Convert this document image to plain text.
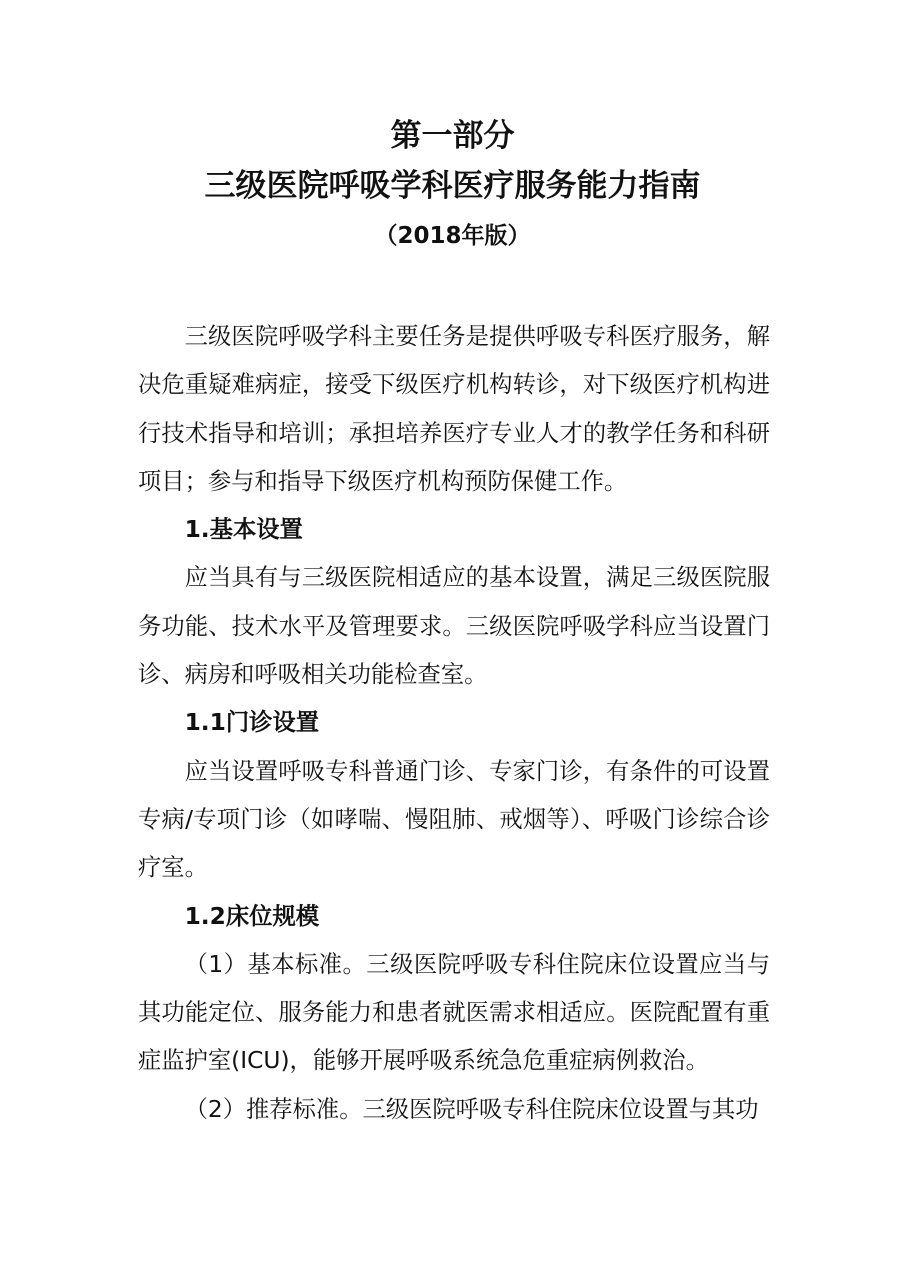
第一部分
三级医院呼吸学科医疗服务能力指南
（2018年版）

三级医院呼吸学科主要任务是提供呼吸专科医疗服务，解决危重疑难病症，接受下级医疗机构转诊，对下级医疗机构进行技术指导和培训；承担培养医疗专业人才的教学任务和科研项目；参与和指导下级医疗机构预防保健工作。

1.基本设置

应当具有与三级医院相适应的基本设置，满足三级医院服务功能、技术水平及管理要求。三级医院呼吸学科应当设置门诊、病房和呼吸相关功能检查室。

1.1门诊设置

应当设置呼吸专科普通门诊、专家门诊，有条件的可设置专病/专项门诊（如哮喘、慢阻肺、戒烟等）、呼吸门诊综合诊疗室。

1.2床位规模

（1）基本标准。三级医院呼吸专科住院床位设置应当与其功能定位、服务能力和患者就医需求相适应。医院配置有重症监护室(ICU)，能够开展呼吸系统急危重症病例救治。

（2）推荐标准。三级医院呼吸专科住院床位设置与其功
